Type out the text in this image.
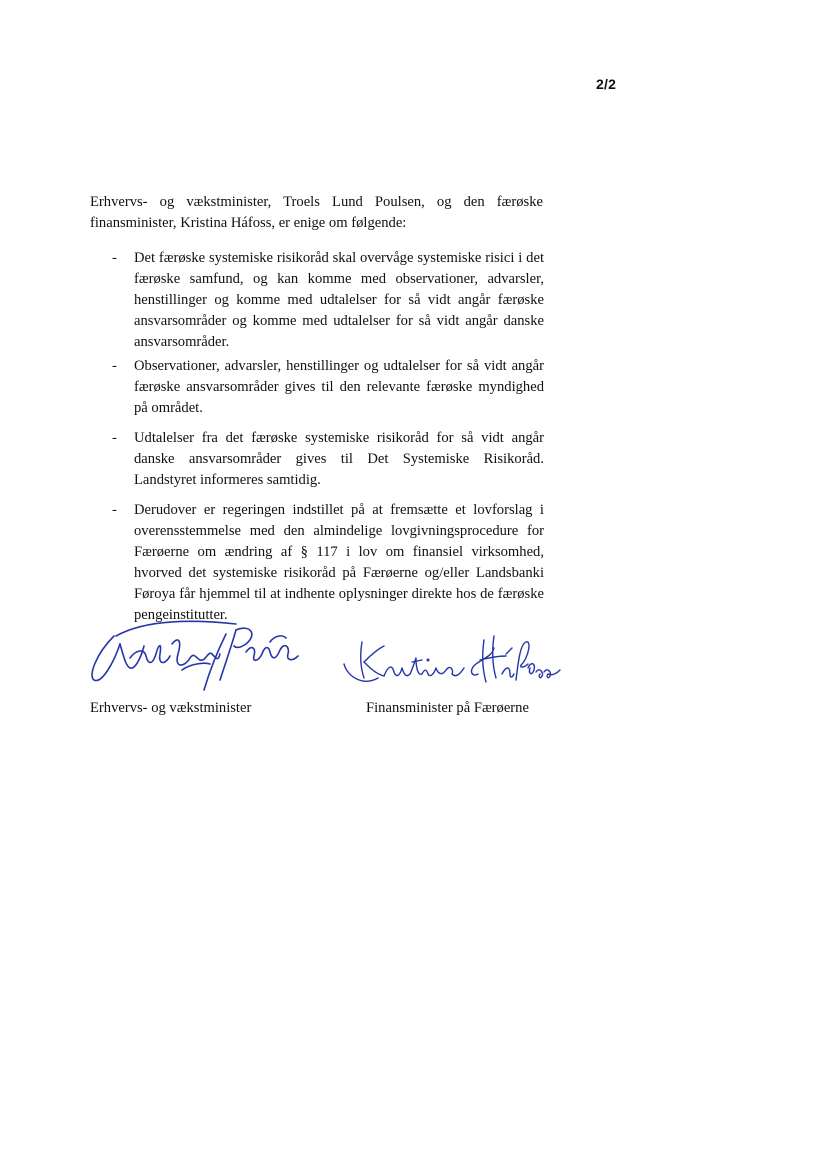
2/2

Erhvervs- og vækstminister, Troels Lund Poulsen, og den færøske finansminister, Kristina Háfoss, er enige om følgende:

-	Det færøske systemiske risikoråd skal overvåge systemiske risici i det færøske samfund, og kan komme med observationer, advarsler, henstillinger og komme med udtalelser for så vidt angår færøske ansvarsområder og komme med udtalelser for så vidt angår danske ansvarsområder.
-	Observationer, advarsler, henstillinger og udtalelser for så vidt angår færøske ansvarsområder gives til den relevante færøske myndighed på området.
-	Udtalelser fra det færøske systemiske risikoråd for så vidt angår danske ansvarsområder gives til Det Systemiske Risikoråd. Landstyret informeres samtidig.
-	Derudover er regeringen indstillet på at fremsætte et lovforslag i overensstemmelse med den almindelige lovgivningsprocedure for Færøerne om ændring af § 117 i lov om finansiel virksomhed, hvorved det systemiske risikoråd på Færøerne og/eller Landsbanki Føroya får hjemmel til at indhente oplysninger direkte hos de færøske pengeinstitutter.
Erhvervs- og vækstminister	Finansminister på Færøerne
